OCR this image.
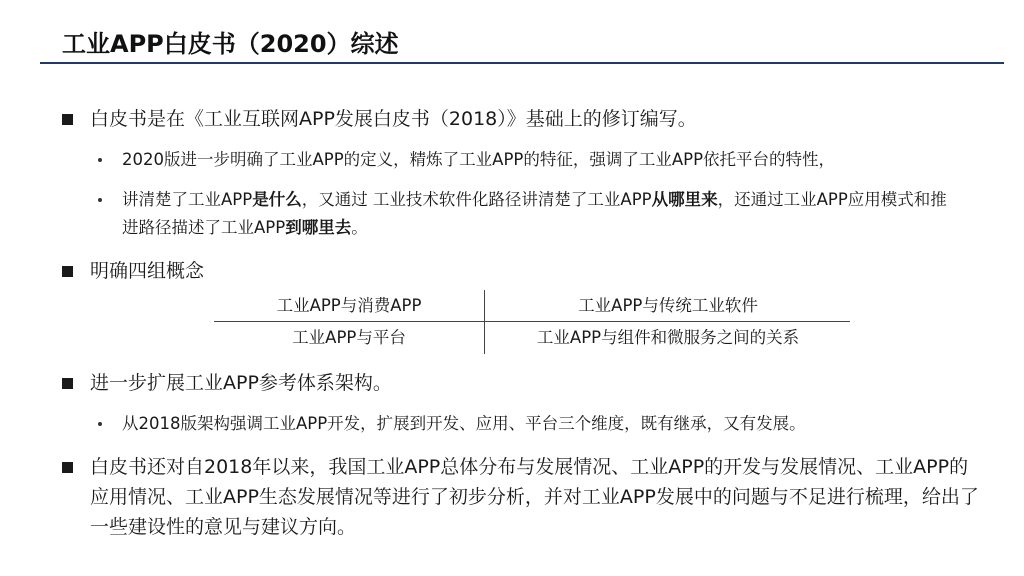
工业APP白皮书（2020）综述
白皮书是在《工业互联网APP发展白皮书（2018）》基础上的修订编写。
2020版进一步明确了工业APP的定义，精炼了工业APP的特征，强调了工业APP依托平台的特性，
讲清楚了工业APP是什么，又通过 工业技术软件化路径讲清楚了工业APP从哪里来，还通过工业APP应用模式和推进路径描述了工业APP到哪里去。
明确四组概念
工业APP与消费APP	工业APP与传统工业软件
工业APP与平台	工业APP与组件和微服务之间的关系
进一步扩展工业APP参考体系架构。
从2018版架构强调工业APP开发，扩展到开发、应用、平台三个维度，既有继承，又有发展。
白皮书还对自2018年以来，我国工业APP总体分布与发展情况、工业APP的开发与发展情况、工业APP的应用情况、工业APP生态发展情况等进行了初步分析，并对工业APP发展中的问题与不足进行梳理，给出了一些建设性的意见与建议方向。
